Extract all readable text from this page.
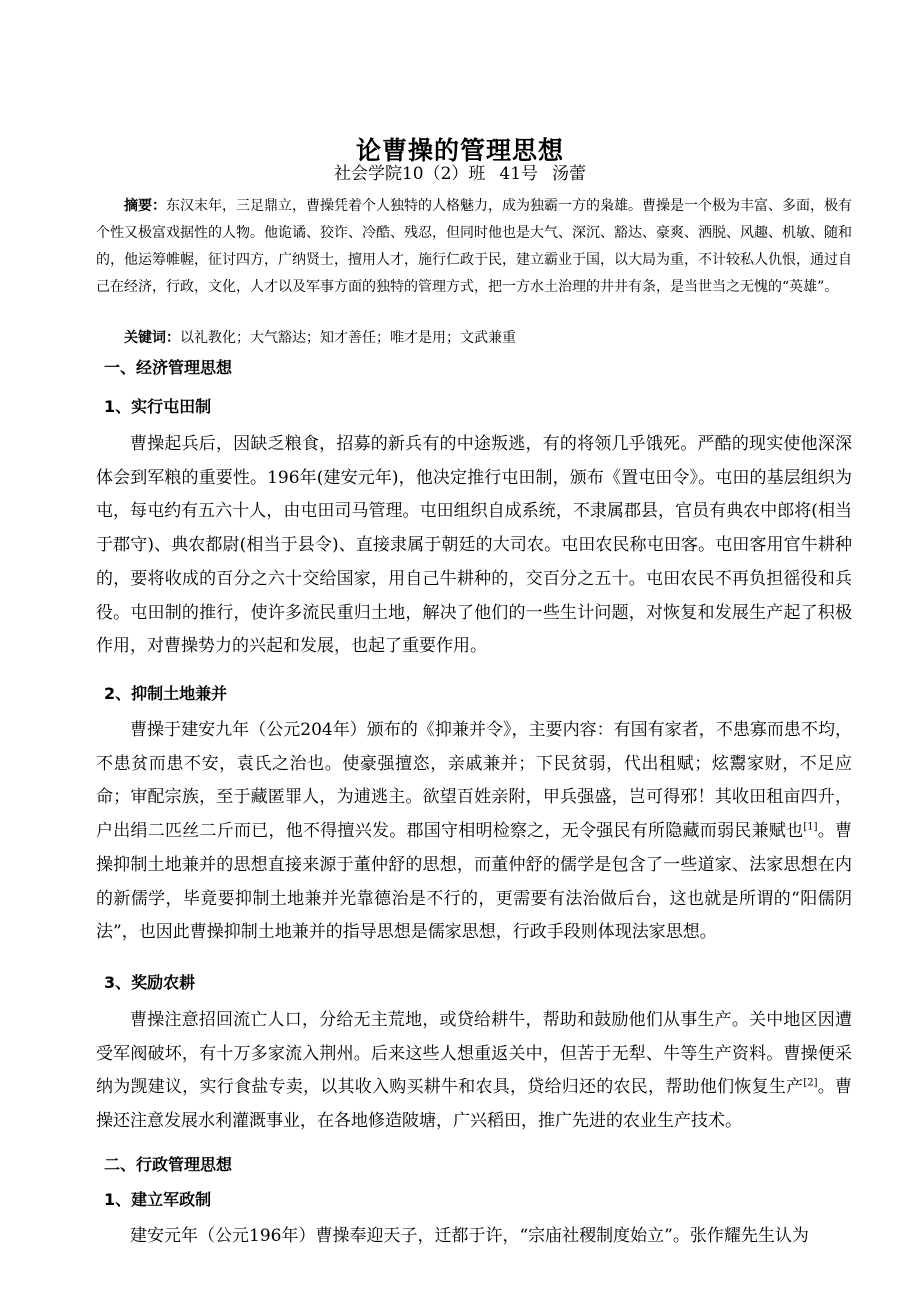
论曹操的管理思想
社会学院10（2）班 41号 汤蕾

摘要：东汉末年，三足鼎立，曹操凭着个人独特的人格魅力，成为独霸一方的枭雄。曹操是一个极为丰富、多面，极有个性又极富戏据性的人物。他诡谲、狡诈、冷酷、残忍，但同时他也是大气、深沉、豁达、豪爽、洒脱、风趣、机敏、随和的，他运筹帷幄，征讨四方，广纳贤士，擅用人才，施行仁政于民，建立霸业于国，以大局为重，不计较私人仇恨，通过自己在经济，行政，文化，人才以及军事方面的独特的管理方式，把一方水土治理的井井有条，是当世当之无愧的“英雄”。

关键词：以礼教化；大气豁达；知才善任；唯才是用；文武兼重

一、经济管理思想
1、实行屯田制

曹操起兵后，因缺乏粮食，招募的新兵有的中途叛逃，有的将领几乎饿死。严酷的现实使他深深体会到军粮的重要性。196年(建安元年)，他决定推行屯田制，颁布《置屯田令》。屯田的基层组织为屯，每屯约有五六十人，由屯田司马管理。屯田组织自成系统，不隶属郡县，官员有典农中郎将(相当于郡守)、典农都尉(相当于县令)、直接隶属于朝廷的大司农。屯田农民称屯田客。屯田客用官牛耕种的，要将收成的百分之六十交给国家，用自己牛耕种的，交百分之五十。屯田农民不再负担徭役和兵役。屯田制的推行，使许多流民重归土地，解决了他们的一些生计问题，对恢复和发展生产起了积极作用，对曹操势力的兴起和发展，也起了重要作用。

2、抑制土地兼并

曹操于建安九年（公元204年）颁布的《抑兼并令》，主要内容：有国有家者，不患寡而患不均，不患贫而患不安，袁氏之治也。使豪强擅恣，亲戚兼并；下民贫弱，代出租赋；炫鬻家财，不足应命；审配宗族，至于藏匿罪人，为逋逃主。欲望百姓亲附，甲兵强盛，岂可得邪！其收田租亩四升，户出绢二匹丝二斤而已，他不得擅兴发。郡国守相明检察之，无令强民有所隐藏而弱民兼赋也[1]。曹操抑制土地兼并的思想直接来源于董仲舒的思想，而董仲舒的儒学是包含了一些道家、法家思想在内的新儒学，毕竟要抑制土地兼并光靠德治是不行的，更需要有法治做后台，这也就是所谓的“阳儒阴法”，也因此曹操抑制土地兼并的指导思想是儒家思想，行政手段则体现法家思想。

3、奖励农耕

曹操注意招回流亡人口，分给无主荒地，或贷给耕牛，帮助和鼓励他们从事生产。关中地区因遭受军阀破坏，有十万多家流入荆州。后来这些人想重返关中，但苦于无犁、牛等生产资料。曹操便采纳为觊建议，实行食盐专卖，以其收入购买耕牛和农具，贷给归还的农民，帮助他们恢复生产[2]。曹操还注意发展水利灌溉事业，在各地修造陂塘，广兴稻田，推广先进的农业生产技术。

二、行政管理思想
1、建立军政制

建安元年（公元196年）曹操奉迎天子，迁都于许，“宗庙社稷制度始立”。张作耀先生认为
